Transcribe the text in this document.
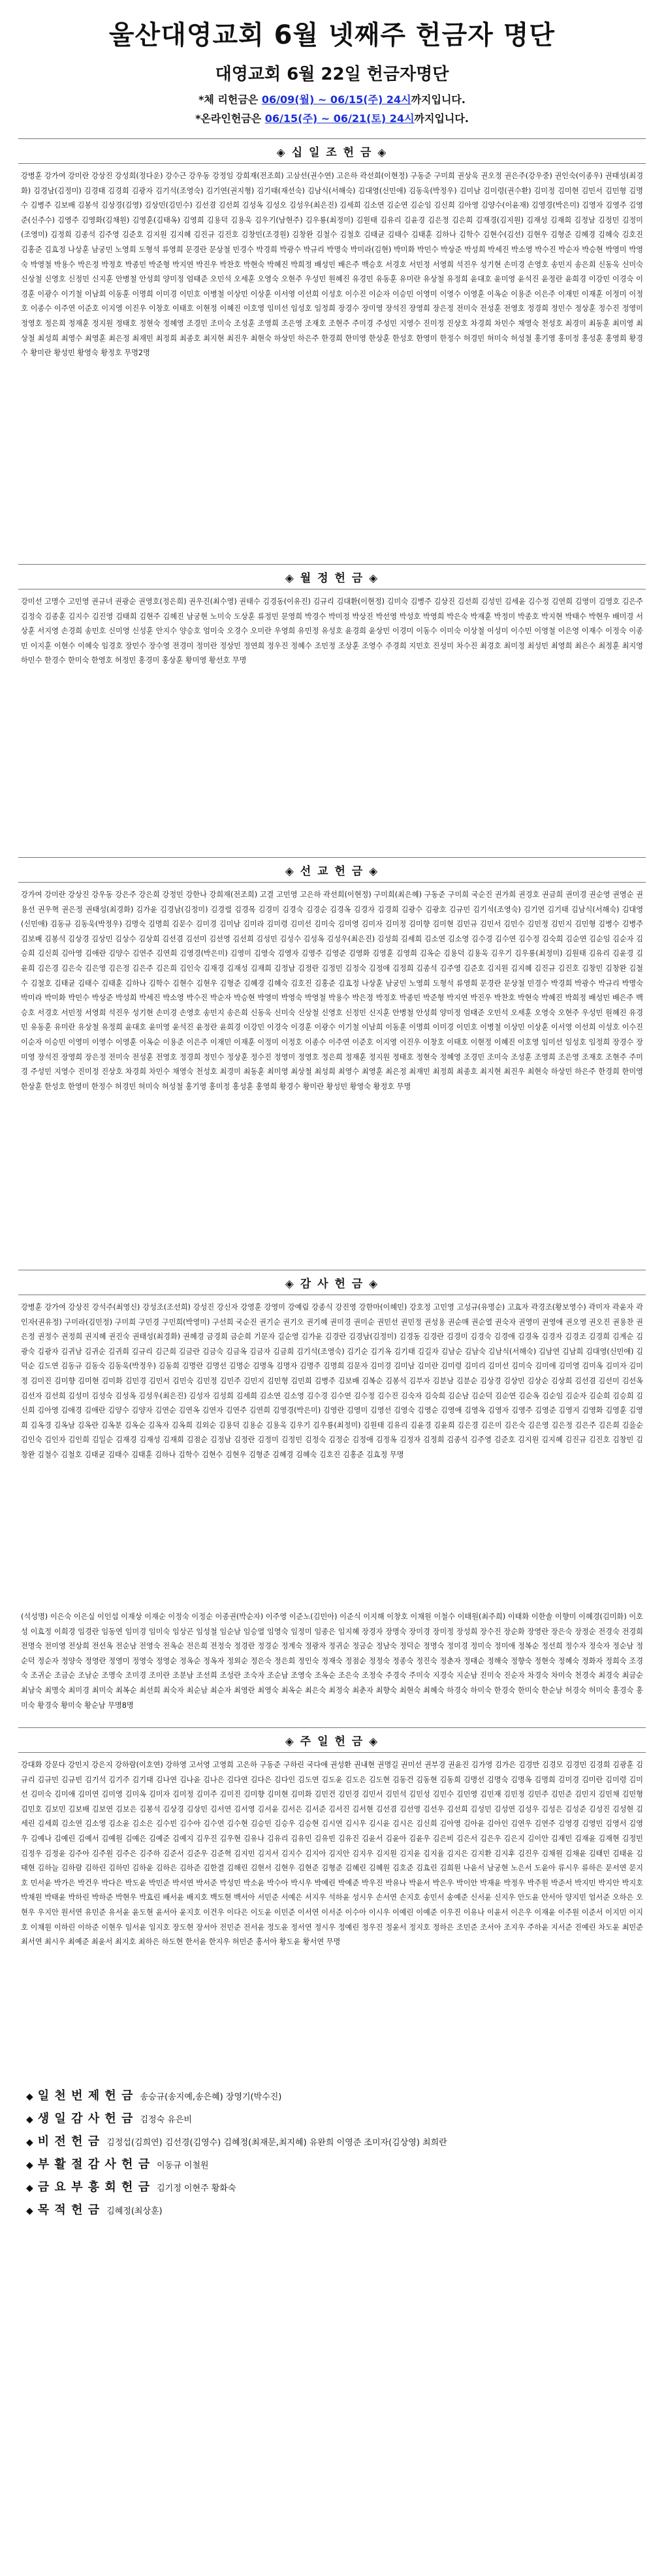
울산대영교회 6월 넷째주 헌금자 명단
대영교회 6월 22일 헌금자명단
*체 리헌금은 06/09(월) ~ 06/15(주) 24시까지입니다.
*온라인헌금은 06/15(주) ~ 06/21(토) 24시까지입니다.
◈ 십 일 조 헌 금 ◈
강병훈 강가여 강미란 강상진 강성희(정다운) 강수근 강우동 강정임 강희재(전조희) 고삼선(권수연) 고은하 곽선희(이현정) 구동준 구미희 권상욱 권오정 권은주(강우중) 권인숙(이종우) 권태성(최경화) 김경남(김정미) 김경태 김경희 김광자 김기석(조영숙) 김기연(권지형) 김기태(재선숙) 김남식(서해숙) 김대영(신민애) 김동욱(박정우) 김미남 김미령(권수환) 김미정 김미현 김민서 김민형 김명수 김병주 김보배 김봉석 김상경(김영) 김상민(김민수) 김선겸 김선희 김성옥 김성오 김성우(최은진) 김세희 김소연 김순연 김순임 김신희 김아영 김양수(이윤재) 김영경(박은미) 김영자 김영주 김영준(신주수) 김영주 김영화(김채원) 김영훈(김태옥) 김영희 김용덕 김용욱 김우기(남현주) 김우룡(최정미) 김원태 김유리 김윤경 김은정 김은희 김재경(김지원) 김재성 김재희 김정남 김정민 김정미(조영미) 김정희 김종석 김주영 김준호 김지원 김지혜 김진규 김진호 김창민(조경원) 김창완 김철수 김철호 김태균 김태수 김태훈 김하나 김학수 김현수(김선) 김현우 김형준 김혜경 김혜숙 김호진 김홍준 김효정 나상훈 남궁민 노영희 도형석 류영희 문경란 문상철 민경수 박경희 박광수 박규리 박명숙 박미라(김현) 박미화 박민수 박상준 박성희 박세진 박소영 박수진 박순자 박승현 박영미 박영숙 박영철 박용수 박은정 박정호 박종민 박준형 박지연 박진우 박찬호 박현숙 박혜진 박희정 배성민 배은주 백승호 서경호 서민정 서영희 석진우 성기현 손미경 손영호 송민지 송은희 신동욱 신미숙 신상철 신영호 신정민 신지훈 안병철 안성희 양미정 엄태준 오민석 오세훈 오영숙 오현주 우성민 원혜진 유경민 유동훈 유미란 유상철 유정희 윤대호 윤미영 윤석진 윤정란 윤희경 이강민 이경숙 이경훈 이광수 이기철 이남희 이동훈 이명희 이미경 이민호 이병철 이상민 이상훈 이서영 이선희 이성호 이수진 이순자 이승민 이영미 이영수 이영훈 이옥순 이용준 이은주 이재민 이재훈 이정미 이정호 이종수 이주연 이준호 이지영 이진우 이창호 이태호 이현정 이혜진 이호영 임미선 임성호 임정희 장경수 장미영 장석진 장영희 장은정 전미숙 전성훈 전영호 정경희 정민수 정상훈 정수진 정영미 정영호 정은희 정재훈 정지원 정태호 정현숙 정혜영 조경민 조미숙 조성훈 조영희 조은영 조재호 조현주 주미경 주성민 지영수 진미정 진상호 차경희 차민수 채영숙 천성호 최경미 최동훈 최미영 최상철 최성희 최영수 최영훈 최은정 최재민 최정희 최종호 최지현 최진우 최현숙 하상민 하은주 한경희 한미영 한상훈 한성호 한영미 한정수 허경민 허미숙 허성철 홍기영 홍미정 홍성훈 홍영희 황경수 황미란 황성민 황영숙 황정호 무명2명
◈ 월 정 헌 금 ◈
강미선 고명수 고민영 권규녀 권광순 권영호(정은희) 권우진(최수영) 권태수 김경동(이유진) 김규리 김대환(이현정) 김미숙 김병주 김상진 김선희 김성민 김세윤 김수정 김연희 김영미 김영호 김은주 김정숙 김종훈 김지수 김진영 김태희 김현주 김혜진 남궁현 노미숙 도상훈 류정민 문영희 박경수 박미정 박상진 박선영 박성호 박영희 박은숙 박재훈 박정미 박종호 박지현 박태수 박현우 배미경 서상훈 서지영 손경희 송민호 신미영 신성훈 안지수 양승호 엄미숙 오경수 오미란 우영희 유민정 유성호 윤경희 윤상민 이경미 이동수 이미숙 이상철 이성미 이수민 이영철 이은영 이재수 이정숙 이종민 이지훈 이현수 이혜숙 임경호 장민수 장수영 전경미 정미란 정상민 정연희 정우진 정혜수 조민정 조상훈 조영수 주경희 지민호 진성미 차수진 최경호 최미정 최성민 최영희 최은수 최정훈 최지영 하민수 한경수 한미숙 한영호 허정민 홍경미 홍상훈 황미영 황선호 무명
◈ 선 교 헌 금 ◈
강가여 강미란 강상진 강우동 강은주 강은희 강정민 강한나 강희재(전조희) 고결 고민영 고은하 곽선희(이현정) 구미희(최은혜) 구동준 구미희 국순진 권가희 권경호 권금희 권미경 권순영 권영순 권용선 권우혁 권은정 권태성(최경화) 김가윤 김경남(김정미) 김경렬 김경목 김경미 김경숙 김경순 김경옥 김경자 김경희 김광수 김광호 김규민 김기석(조영숙) 김기연 김기태 김남식(서해숙) 김대영(신민애) 김동규 김동욱(박정우) 김명숙 김명희 김문수 김미경 김미남 김미라 김미령 김미선 김미숙 김미영 김미자 김미정 김미향 김미현 김민규 김민서 김민수 김민정 김민지 김민형 김병수 김병주 김보배 김봉석 김상경 김상민 김상수 김상희 김선겸 김선미 김선영 김선희 김성민 김성수 김성옥 김성우(최은진) 김성희 김세희 김소연 김소영 김수경 김수연 김수정 김숙희 김순연 김순임 김순자 김승희 김신희 김아영 김애란 김양수 김연주 김연희 김영경(박은미) 김영미 김영숙 김영자 김영주 김영준 김영화 김영훈 김영희 김옥순 김용덕 김용욱 김우기 김우룡(최정미) 김원태 김유리 김윤경 김윤희 김은경 김은숙 김은영 김은정 김은주 김은희 김인숙 김재경 김재성 김재희 김정남 김정란 김정민 김정숙 김정애 김정희 김종석 김주영 김준호 김지원 김지혜 김진규 김진호 김창민 김창완 김철수 김철호 김태균 김태수 김태훈 김하나 김학수 김현수 김현우 김형준 김혜경 김혜숙 김호진 김홍준 김효정 나상훈 남궁민 노영희 도형석 류영희 문경란 문상철 민경수 박경희 박광수 박규리 박명숙 박미라 박미화 박민수 박상준 박성희 박세진 박소영 박수진 박순자 박승현 박영미 박영숙 박영철 박용수 박은정 박정호 박종민 박준형 박지연 박진우 박찬호 박현숙 박혜진 박희정 배성민 배은주 백승호 서경호 서민정 서영희 석진우 성기현 손미경 손영호 송민지 송은희 신동욱 신미숙 신상철 신영호 신정민 신지훈 안병철 안성희 양미정 엄태준 오민석 오세훈 오영숙 오현주 우성민 원혜진 유경민 유동훈 유미란 유상철 유정희 윤대호 윤미영 윤석진 윤정란 윤희경 이강민 이경숙 이경훈 이광수 이기철 이남희 이동훈 이명희 이미경 이민호 이병철 이상민 이상훈 이서영 이선희 이성호 이수진 이순자 이승민 이영미 이영수 이영훈 이옥순 이용준 이은주 이재민 이재훈 이정미 이정호 이종수 이주연 이준호 이지영 이진우 이창호 이태호 이현정 이혜진 이호영 임미선 임성호 임정희 장경수 장미영 장석진 장영희 장은정 전미숙 전성훈 전영호 정경희 정민수 정상훈 정수진 정영미 정영호 정은희 정재훈 정지원 정태호 정현숙 정혜영 조경민 조미숙 조성훈 조영희 조은영 조재호 조현주 주미경 주성민 지영수 진미정 진상호 차경희 차민수 채영숙 천성호 최경미 최동훈 최미영 최상철 최성희 최영수 최영훈 최은정 최재민 최정희 최종호 최지현 최진우 최현숙 하상민 하은주 한경희 한미영 한상훈 한성호 한영미 한정수 허경민 허미숙 허성철 홍기영 홍미정 홍성훈 홍영희 황경수 황미란 황성민 황영숙 황정호 무명
◈ 감 사 헌 금 ◈
강병훈 강가여 강상진 강석주(최영신) 강성조(조선희) 강성진 강신자 강영훈 강영미 강예림 강종식 강진영 강한마(이혜민) 강호정 고민영 고성규(유명순) 고효자 곽경조(황보영수) 곽미자 곽윤자 곽인자(권유정) 구미라(김민정) 구미희 구민경 구민희(박영미) 구선희 국순진 권기순 권기오 권기혜 권미경 권미순 권민선 권민정 권성용 권순매 권순열 권숙자 권영미 권영애 권오영 권오진 권용찬 권은정 권정수 권정희 권지혜 권진숙 권태성(최경화) 권혜경 금경희 금순희 기문자 길순영 김가윤 김경란 김경남(김정미) 김경동 김경란 김경미 김경숙 김경애 김경옥 김경자 김경조 김경희 김계순 김광숙 김광자 김귀남 김귀순 김귀희 김규리 김근희 김금란 김금숙 김금옥 김금자 김금희 김기석(조영숙) 김기순 김기옥 김기태 김길자 김남순 김남숙 김남식(서해숙) 김남연 김남희 김대영(신민애) 김덕순 김도연 김동규 김동숙 김동욱(박정우) 김동희 김명란 김명선 김명순 김명옥 김명자 김명주 김명희 김문자 김미경 김미남 김미란 김미령 김미리 김미선 김미숙 김미애 김미영 김미옥 김미자 김미정 김미진 김미향 김미현 김미화 김민경 김민서 김민숙 김민정 김민주 김민지 김민형 김민희 김병주 김보배 김복순 김봉석 김부자 김분남 김분순 김상경 김상민 김상순 김상희 김선겸 김선미 김선옥 김선자 김선희 김성미 김성숙 김성옥 김성우(최은진) 김성자 김성희 김세희 김소연 김소영 김수경 김수연 김수정 김수진 김숙자 김숙희 김순남 김순덕 김순연 김순옥 김순임 김순자 김순희 김승희 김신희 김아영 김애경 김애란 김양수 김양자 김연순 김연옥 김연자 김연주 김연희 김영경(박은미) 김영란 김영미 김영선 김영숙 김영순 김영애 김영옥 김영자 김영주 김영준 김영지 김영화 김영훈 김영희 김옥경 김옥남 김옥란 김옥분 김옥순 김옥자 김옥희 김외순 김용덕 김용순 김용욱 김우기 김우룡(최정미) 김원태 김유리 김윤경 김윤희 김은경 김은미 김은숙 김은영 김은정 김은주 김은희 김을순 김인숙 김인자 김인희 김일순 김재경 김재성 김재희 김점순 김정남 김정란 김정미 김정민 김정숙 김정순 김정애 김정옥 김정자 김정희 김종석 김주영 김준호 김지원 김지혜 김진규 김진호 김창민 김창완 김철수 김철호 김태균 김태수 김태훈 김하나 김학수 김현수 김현우 김형준 김혜경 김혜숙 김호진 김홍준 김효정 무명
(석성명) 이은숙 이은실 이인섭 이재상 이재순 이정숙 이정순 이종권(박순자) 이주영 이준노(김민아) 이준식 이지해 이창호 이채원 이철수 이태원(최주희) 이태화 이한솔 이향미 이혜경(김미화) 이호성 이효정 이희경 임경란 임동연 임미경 임미숙 임상곤 임성철 임순남 임승열 임영숙 임정미 임종은 임지혜 장경자 장명숙 장미경 장미정 장성희 장수진 장순화 장영란 장은숙 장정순 전경숙 전경희 전명숙 전미영 전상희 전선옥 전순남 전영숙 전옥순 전은희 전정숙 정경란 정경순 정계숙 정광자 정귀순 정금순 정남숙 정덕순 정명숙 정미경 정미숙 정미애 정복순 정선희 정수자 정숙자 정순남 정순덕 정순자 정양숙 정영란 정영미 정영숙 정영순 정옥순 정옥자 정외순 정은숙 정은희 정인숙 정재숙 정점순 정정숙 정종숙 정진숙 정춘자 정태순 정해숙 정향숙 정현숙 정혜숙 정화자 정희숙 조경숙 조귀순 조금순 조남순 조명숙 조미경 조미란 조분남 조선희 조성란 조숙자 조순남 조영숙 조옥순 조은숙 조정숙 주경숙 주미숙 지경숙 지순남 진미숙 진순자 차경숙 차미숙 천경숙 최경숙 최금순 최남숙 최명숙 최미경 최미숙 최복순 최선희 최숙자 최순남 최순자 최영란 최영숙 최옥순 최은숙 최정숙 최춘자 최향숙 최현숙 최혜숙 하경숙 하미숙 한경숙 한미숙 한순남 허경숙 허미숙 홍경숙 홍미숙 황경숙 황미숙 황순남 무명8명
◈ 주 일 헌 금 ◈
강대화 강문다 강민지 강은지 강하람(이호연) 강하영 고서영 고영희 고은하 구동준 구하린 국다애 권성환 권내현 권명길 권미선 권부경 권윤진 김가영 김가은 김경만 김경모 김경민 김경희 김광훈 김규리 김규민 김규빈 김기석 김기주 김기태 김나연 김나윤 김나은 김다연 김다은 김다인 김도연 김도윤 김도은 김도현 김동건 김동현 김동희 김명선 김명숙 김명옥 김명희 김미경 김미란 김미령 김미선 김미숙 김미애 김미연 김미영 김미옥 김미자 김미정 김미주 김미진 김미향 김미현 김미화 김민건 김민경 김민서 김민석 김민성 김민수 김민영 김민재 김민정 김민주 김민준 김민지 김민채 김민형 김민호 김보민 김보배 김보연 김보은 김봉석 김상경 김상민 김서연 김서영 김서윤 김서은 김서준 김서진 김서현 김선겸 김선영 김선우 김선희 김성민 김성연 김성우 김성은 김성준 김성진 김성현 김세린 김세희 김소연 김소영 김소윤 김소은 김수빈 김수아 김수연 김수현 김승민 김승우 김승현 김시연 김시우 김시윤 김시은 김신희 김아영 김아윤 김아인 김연우 김연주 김영경 김영민 김영서 김영우 김예나 김예린 김예서 김예원 김예은 김예준 김예지 김우진 김우현 김유나 김유리 김유민 김유빈 김유진 김윤서 김윤아 김윤우 김은비 김은서 김은우 김은지 김이안 김재민 김재윤 김재현 김정민 김정우 김정윤 김주아 김주원 김주은 김주하 김준서 김준우 김준혁 김지민 김지서 김지수 김지아 김지안 김지우 김지원 김지윤 김지율 김지은 김지환 김지후 김진우 김채원 김채윤 김태민 김태윤 김태현 김하늘 김하람 김하린 김하민 김하윤 김하은 김하준 김한결 김해린 김현서 김현우 김현준 김형준 김혜린 김혜원 김호준 김효린 김희원 나윤서 남궁현 노은서 도윤아 류시우 류하은 문서연 문지호 민서윤 박가은 박건우 박다은 박도윤 박민준 박서연 박서준 박성민 박소윤 박수아 박시우 박예린 박예준 박우진 박유나 박윤서 박은우 박이안 박재윤 박정우 박주원 박준서 박지민 박지안 박지호 박채원 박태윤 박하린 박하준 박현우 박효린 배서윤 배지호 백도현 백서아 서민준 서예은 서지우 석하윤 성시우 손서연 손지호 송민서 송예준 신서윤 신지우 안도윤 안서아 양지민 엄서준 오하은 오현우 우지안 원서연 유민준 유서윤 윤도현 윤서아 윤지호 이건우 이다은 이도윤 이민준 이서연 이서준 이수아 이시우 이예린 이예준 이우진 이유나 이윤서 이은우 이재윤 이주원 이준서 이지민 이지호 이채원 이하린 이하준 이현우 임서윤 임지호 장도현 장서아 전민준 전서윤 정도윤 정서연 정시우 정예린 정우진 정윤서 정지호 정하은 조민준 조서아 조지우 주하윤 지서준 진예린 차도윤 최민준 최서연 최시우 최예준 최윤서 최지호 최하은 하도현 한서윤 한지우 허민준 홍서아 황도윤 황서연 무명
◆ 일 천 번 제 헌 금 송승규(송지예,송은혜) 장영기(박수진)
◆ 생 일 감 사 헌 금 김정숙 유은비
◆ 비 전 헌 금 김정섭(김희연) 김선경(김영수) 김혜정(최재문,최지혜) 유완희 이영준 조미자(김상영) 최희란
◆ 부 활 절 감 사 헌 금 이동규 이철원
◆ 금 요 부 흥 회 헌 금 김기정 이현주 황화숙
◆ 목 적 헌 금 김혜정(최상훈)
